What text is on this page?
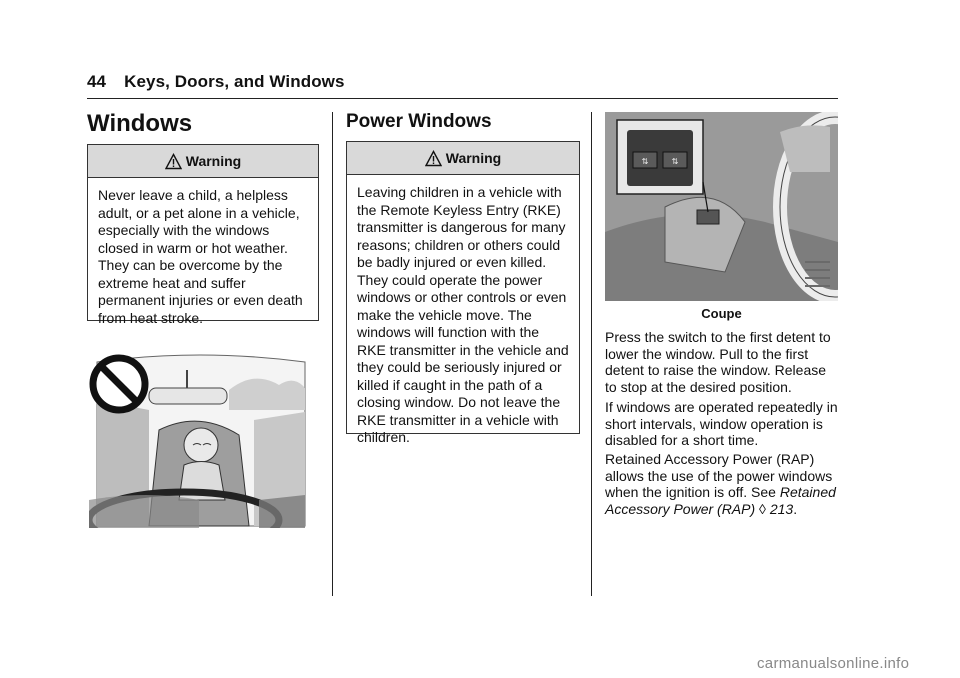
44 Keys, Doors, and Windows
Windows
Warning
Never leave a child, a helpless adult, or a pet alone in a vehicle, especially with the windows closed in warm or hot weather. They can be overcome by the extreme heat and suffer permanent injuries or even death from heat stroke.
Power Windows
Warning
Leaving children in a vehicle with the Remote Keyless Entry (RKE) transmitter is dangerous for many reasons; children or others could be badly injured or even killed. They could operate the power windows or other controls or even make the vehicle move. The windows will function with the RKE transmitter in the vehicle and they could be seriously injured or killed if caught in the path of a closing window. Do not leave the RKE transmitter in a vehicle with children.
⇅	⇅
Coupe
Press the switch to the first detent to lower the window. Pull to the first detent to raise the window. Release to stop at the desired position.
If windows are operated repeatedly in short intervals, window operation is disabled for a short time.
Retained Accessory Power (RAP) allows the use of the power windows when the ignition is off. See Retained Accessory Power (RAP) ◊ 213.
carmanualsonline.info
